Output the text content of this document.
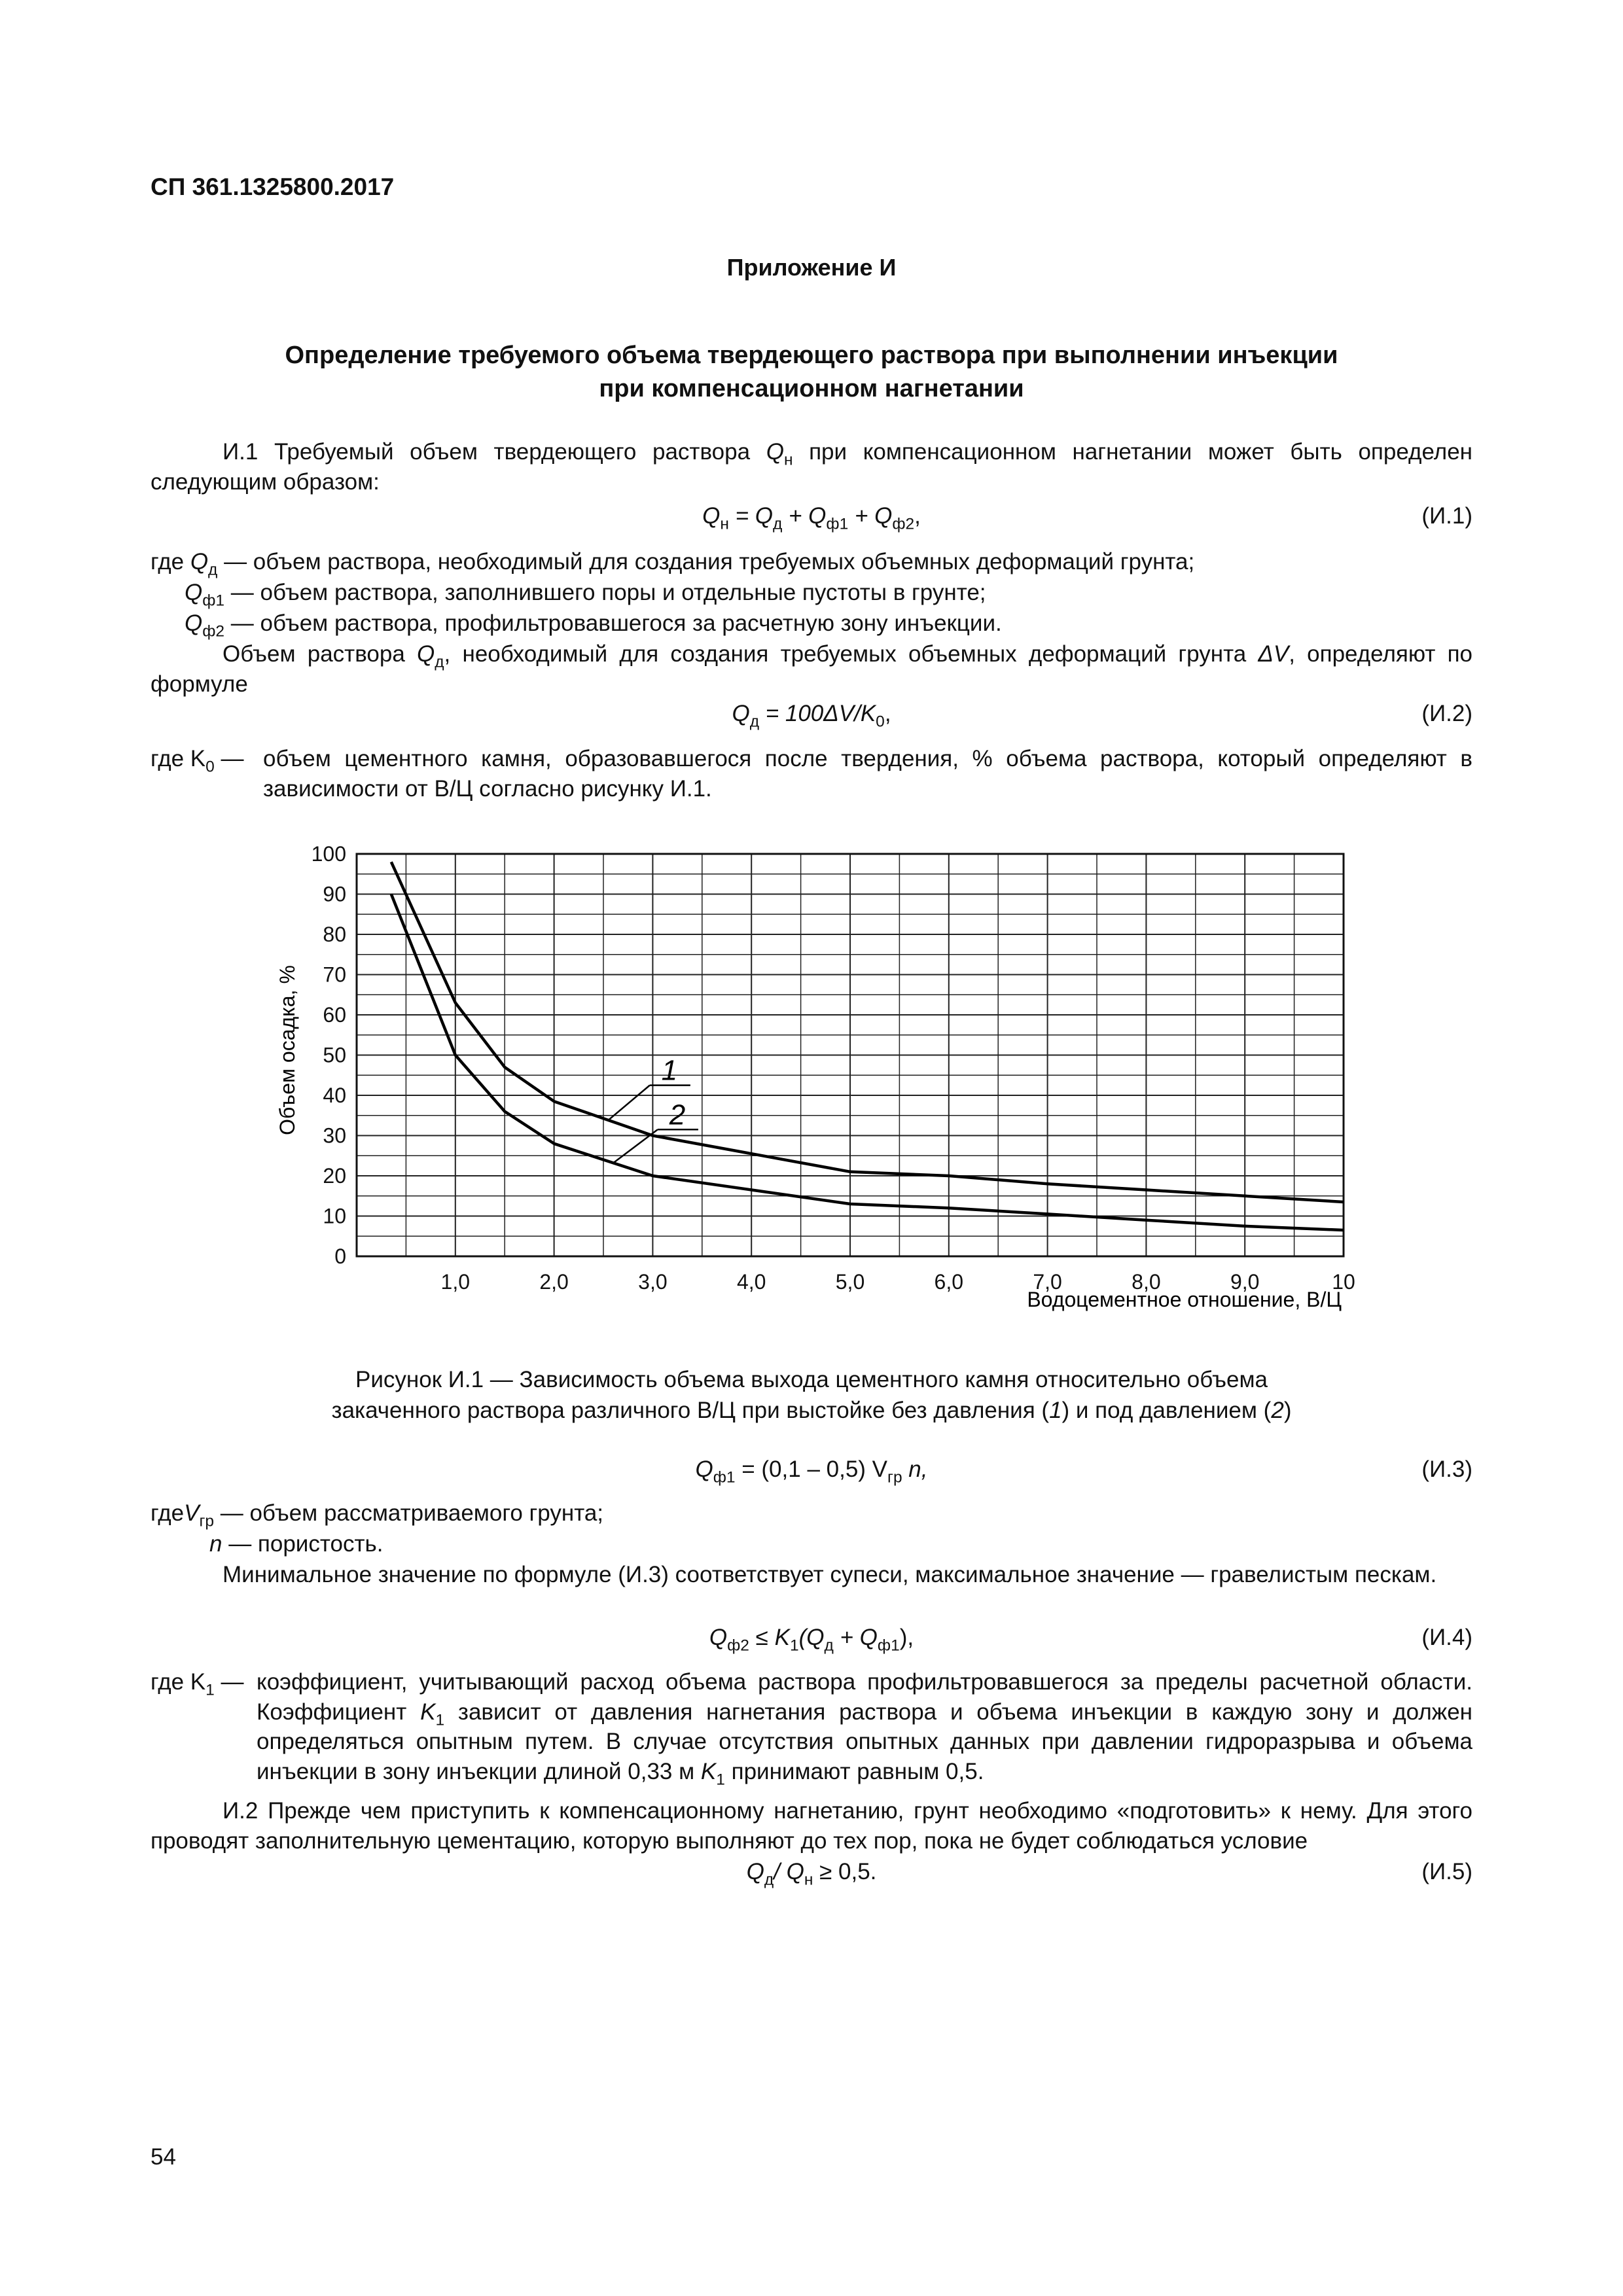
СП 361.1325800.2017
Приложение И
Определение требуемого объема твердеющего раствора при выполнении инъекции
при компенсационном нагнетании

И.1 Требуемый объем твердеющего раствора $Q_н$ при компенсационном нагнетании может быть определен следующим образом:

$Q_н = Q_д + Q_{ф1} + Q_{ф2}$,	(И.1)
где $Q_д$ — объем раствора, необходимый для создания требуемых объемных деформаций грунта;
$Q_{ф1}$ — объем раствора, заполнившего поры и отдельные пустоты в грунте;
$Q_{ф2}$ — объем раствора, профильтровавшегося за расчетную зону инъекции.

Объем раствора $Q_д$, необходимый для создания требуемых объемных деформаций грунта ΔV, определяют по формуле

$Q_д = 100\Delta V/K_0$,	(И.2)
где $K_0$ — объем цементного камня, образовавшегося после твердения, % объема раствора, который определяют в зависимости от В/Ц согласно рисунку И.1.
0
10
20
30
40
50
60
70
80
90
100
1,0	2,0	3,0	4,0	5,0	6,0	7,0	8,0	9,0	10
1
2
Объем осадка, %
Водоцементное отношение, В/Ц
Рисунок И.1 — Зависимость объема выхода цементного камня относительно объема
закаченного раствора различного В/Ц при выстойке без давления (1) и под давлением (2)
$Q_{ф1} = (0,1 - 0,5)$ $V_{гр}$ n,	(И.3)
гдеV$_{гр}$ — объем рассматриваемого грунта;
n — пористость.

Минимальное значение по формуле (И.3) соответствует супеси, максимальное значение — гравелистым пескам.

$Q_{ф2} \le K_1(Q_д + Q_{ф1})$,	(И.4)
где $K_1$ — коэффициент, учитывающий расход объема раствора профильтровавшегося за пределы расчетной области. Коэффициент $K_1$ зависит от давления нагнетания раствора и объема инъекции в каждую зону и должен определяться опытным путем. В случае отсутствия опытных данных при давлении гидроразрыва и объема инъекции в зону инъекции длиной 0,33 м $K_1$ принимают равным 0,5.

И.2 Прежде чем приступить к компенсационному нагнетанию, грунт необходимо «подготовить» к нему. Для этого проводят заполнительную цементацию, которую выполняют до тех пор, пока не будет соблюдаться условие

$Q_д/$ $Q_н \ge 0,5$.	(И.5)
54
